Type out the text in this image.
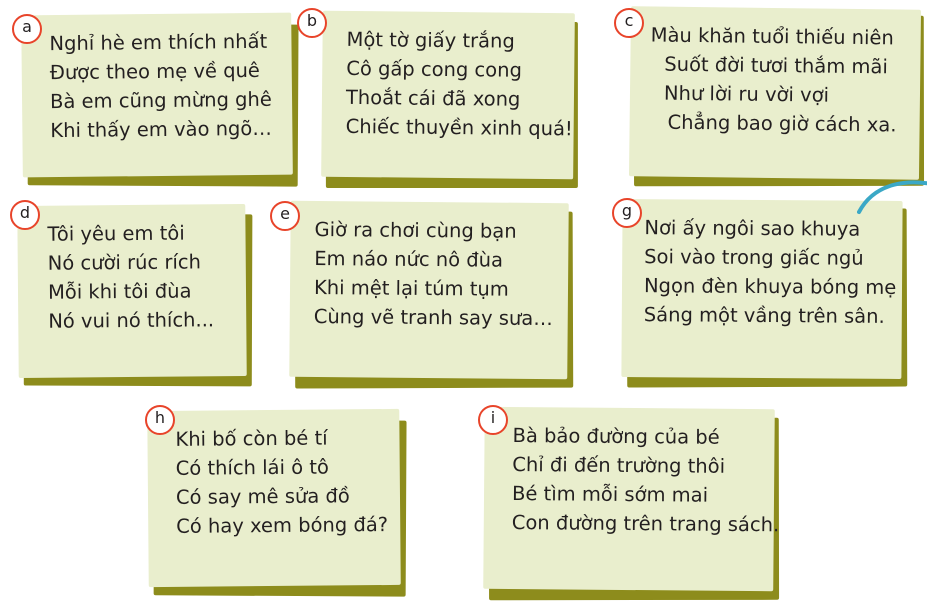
Nghỉ hè em thích nhất
Được theo mẹ về quê
Bà em cũng mừng ghê
Khi thấy em vào ngõ…
a
Một tờ giấy trắng
Cô gấp cong cong
Thoắt cái đã xong
Chiếc thuyền xinh quá!
b
Màu khăn tuổi thiếu niên
Suốt đời tươi thắm mãi
Như lời ru vời vợi
Chẳng bao giờ cách xa.
c
Tôi yêu em tôi
Nó cười rúc rích
Mỗi khi tôi đùa
Nó vui nó thích...
d
Giờ ra chơi cùng bạn
Em náo nức nô đùa
Khi mệt lại túm tụm
Cùng vẽ tranh say sưa…
e
Nơi ấy ngôi sao khuya
Soi vào trong giấc ngủ
Ngọn đèn khuya bóng mẹ
Sáng một vầng trên sân.
g
Khi bố còn bé tí
Có thích lái ô tô
Có say mê sửa đồ
Có hay xem bóng đá?
h
Bà bảo đường của bé
Chỉ đi đến trường thôi
Bé tìm mỗi sớm mai
Con đường trên trang sách.
i
